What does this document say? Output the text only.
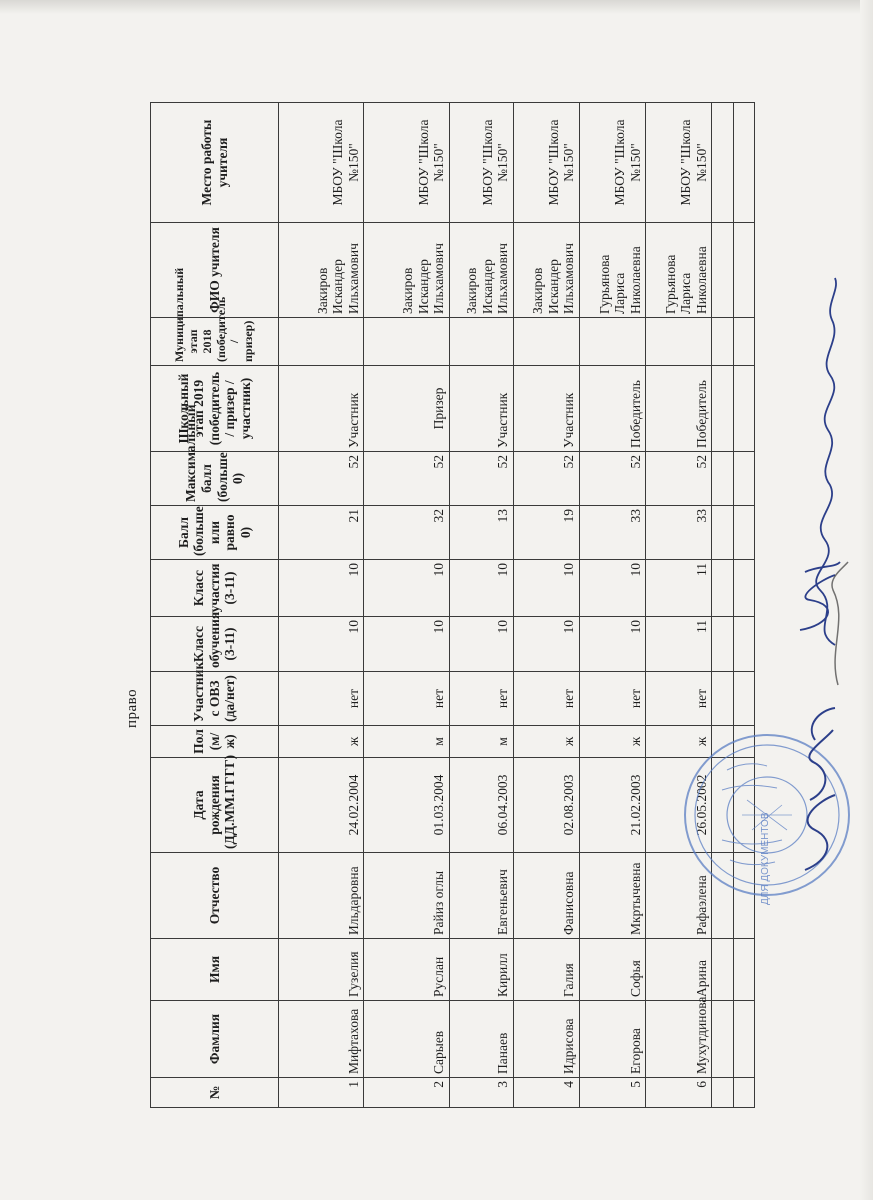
право
№	Фамлия	Имя	Отчество	Дата рождения (ДД.ММ.ГГГГ)	Пол (м/ж)	Участник с ОВЗ (да/нет)	Класс обучения (3-11)	Класс участия (3-11)	Балл (больше или равно 0)	Максимальный балл (больше 0)	Школьный этап 2019 (победитель / призер / участник)	Муниципальный этап 2018 (победитель / призер)	ФИО учителя	Место работы учителя
1	Мифтахова	Гузелия	Ильдаровна	24.02.2004	ж	нет	10	10	21	52	Участник		Закиров Искандер Ильхамович	МБОУ "Школа №150"
2	Сарыев	Руслан	Райиз оглы	01.03.2004	м	нет	10	10	32	52	Призер		Закиров Искандер Ильхамович	МБОУ "Школа №150"
3	Панаев	Кирилл	Евгеньевич	06.04.2003	м	нет	10	10	13	52	Участник		Закиров Искандер Ильхамович	МБОУ "Школа №150"
4	Идрисова	Галия	Фанисовна	02.08.2003	ж	нет	10	10	19	52	Участник		Закиров Искандер Ильхамович	МБОУ "Школа №150"
5	Егорова	Софья	Мкртычевна	21.02.2003	ж	нет	10	10	33	52	Победитель		Гурьянова Лариса Николаевна	МБОУ "Школа №150"
6	Мухутдинова	Арина	Рафаэлена	26.05.2002	ж	нет	11	11	33	52	Победитель		Гурьянова Лариса Николаевна	МБОУ "Школа №150"

ДЛЯ ДОКУМЕНТОВ
